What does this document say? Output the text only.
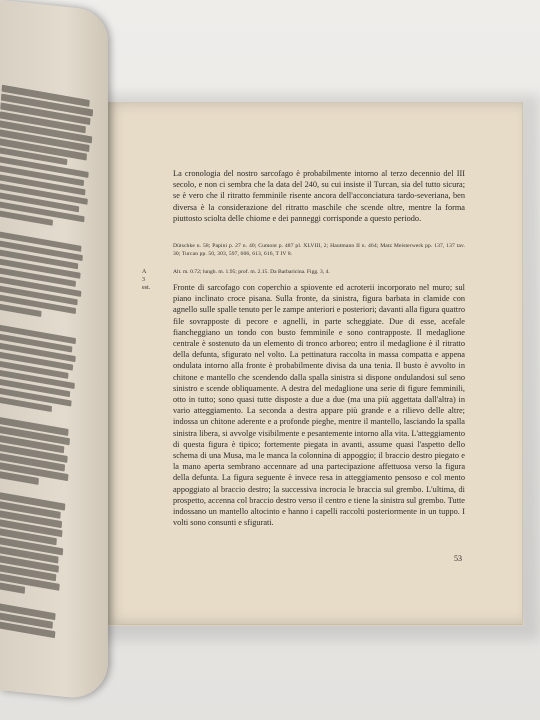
La cronologia del nostro sarcofago è probabilmente intorno al terzo decennio del III secolo, e non ci sembra che la data del 240, su cui insiste il Turcan, sia del tutto sicura; se è vero che il ritratto femminile risente ancora dell'acconciatura tardo-severiana, ben diversa è la considerazione del ritratto maschile che scende oltre, mentre la forma piuttosto sciolta delle chiome e dei panneggi corrisponde a questo periodo.
Dütschke n. 58; Papini p. 27 n. 40; Cumont p. 487 pl. XLVIII, 2; Hautmann II n. 464; Matz Meisterwerk pp. 137, 137 tav. 30; Turcan pp. 50, 303, 597, 606, 613, 616, T IV 8.
A 3 est.
Alt. m. 0.72; lungh. m. 1.95; prof. m. 2.15. Da Barbaricina. Figg. 3, 4.
Fronte di sarcofago con coperchio a spiovente ed acroterii incorporato nel muro; sul piano inclinato croce pisana. Sulla fronte, da sinistra, figura barbata in clamide con agnello sulle spalle tenuto per le zampe anteriori e posteriori; davanti alla figura quattro file sovrapposte di pecore e agnelli, in parte scheggiate. Due di esse, acefale fiancheggiano un tondo con busto femminile e sono contrapposte. Il medaglione centrale è sostenuto da un elemento di tronco arboreo; entro il medaglione è il ritratto della defunta, sfigurato nel volto. La pettinatura raccolta in massa compatta e appena ondulata intorno alla fronte è probabilmente divisa da una tenia. Il busto è avvolto in chitone e mantello che scendendo dalla spalla sinistra si dispone ondulandosi sul seno sinistro e scende obliquamente. A destra del medaglione una serie di figure femminili, otto in tutto; sono quasi tutte disposte a due a due (ma una più aggettata dall'altra) in vario atteggiamento. La seconda a destra appare più grande e a rilievo delle altre; indossa un chitone aderente e a profonde pieghe, mentre il mantello, lasciando la spalla sinistra libera, si avvolge visibilmente e pesantemente intorno alla vita. L'atteggiamento di questa figura è tipico; fortemente piegata in avanti, assume quasi l'aspetto dello schema di una Musa, ma le manca la colonnina di appoggio; il braccio destro piegato e la mano aperta sembrano accennare ad una partecipazione affettuosa verso la figura della defunta. La figura seguente è invece resa in atteggiamento pensoso e col mento appoggiato al braccio destro; la successiva incrocia le braccia sul grembo. L'ultima, di prospetto, accenna col braccio destro verso il centro e tiene la sinistra sul grembo. Tutte indossano un mantello altocinto e hanno i capelli raccolti posteriormente in un tuppo. I volti sono consunti e sfigurati.
53
